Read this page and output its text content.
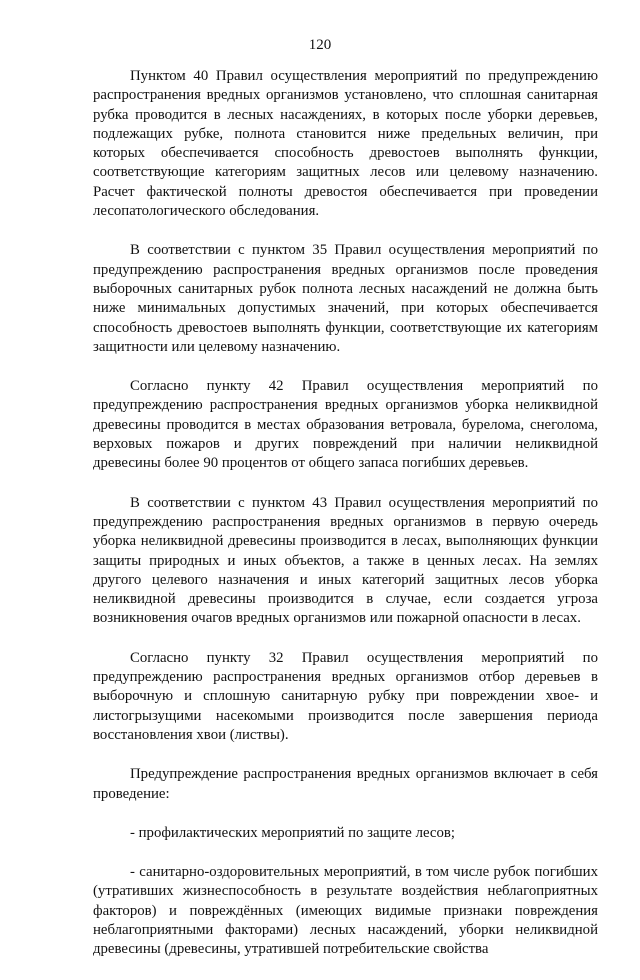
120

Пунктом 40 Правил осуществления мероприятий по предупреждению распространения вредных организмов установлено, что сплошная санитарная рубка проводится в лесных насаждениях, в которых после уборки деревьев, подлежащих рубке, полнота становится ниже предельных величин, при которых обеспечивается способность древостоев выполнять функции, соответствующие категориям защитных лесов или целевому назначению. Расчет фактической полноты древостоя обеспечивается при проведении лесопатологического обследования.

В соответствии с пунктом 35 Правил осуществления мероприятий по предупреждению распространения вредных организмов после проведения выборочных санитарных рубок полнота лесных насаждений не должна быть ниже минимальных допустимых значений, при которых обеспечивается способность древостоев выполнять функции, соответствующие их категориям защитности или целевому назначению.

Согласно пункту 42 Правил осуществления мероприятий по предупреждению распространения вредных организмов уборка неликвидной древесины проводится в местах образования ветровала, бурелома, снеголома, верховых пожаров и других повреждений при наличии неликвидной древесины более 90 процентов от общего запаса погибших деревьев.

В соответствии с пунктом 43 Правил осуществления мероприятий по предупреждению распространения вредных организмов в первую очередь уборка неликвидной древесины производится в лесах, выполняющих функции защиты природных и иных объектов, а также в ценных лесах. На землях другого целевого назначения и иных категорий защитных лесов уборка неликвидной древесины производится в случае, если создается угроза возникновения очагов вредных организмов или пожарной опасности в лесах.

Согласно пункту 32 Правил осуществления мероприятий по предупреждению распространения вредных организмов отбор деревьев в выборочную и сплошную санитарную рубку при повреждении хвое- и листогрызущими насекомыми производится после завершения периода восстановления хвои (листвы).

Предупреждение распространения вредных организмов включает в себя проведение:

- профилактических мероприятий по защите лесов;

- санитарно-оздоровительных мероприятий, в том числе рубок погибших (утративших жизнеспособность в результате воздействия неблагоприятных факторов) и повреждённых (имеющих видимые признаки повреждения неблагоприятными факторами) лесных насаждений, уборки неликвидной древесины (древесины, утратившей потребительские свойства
